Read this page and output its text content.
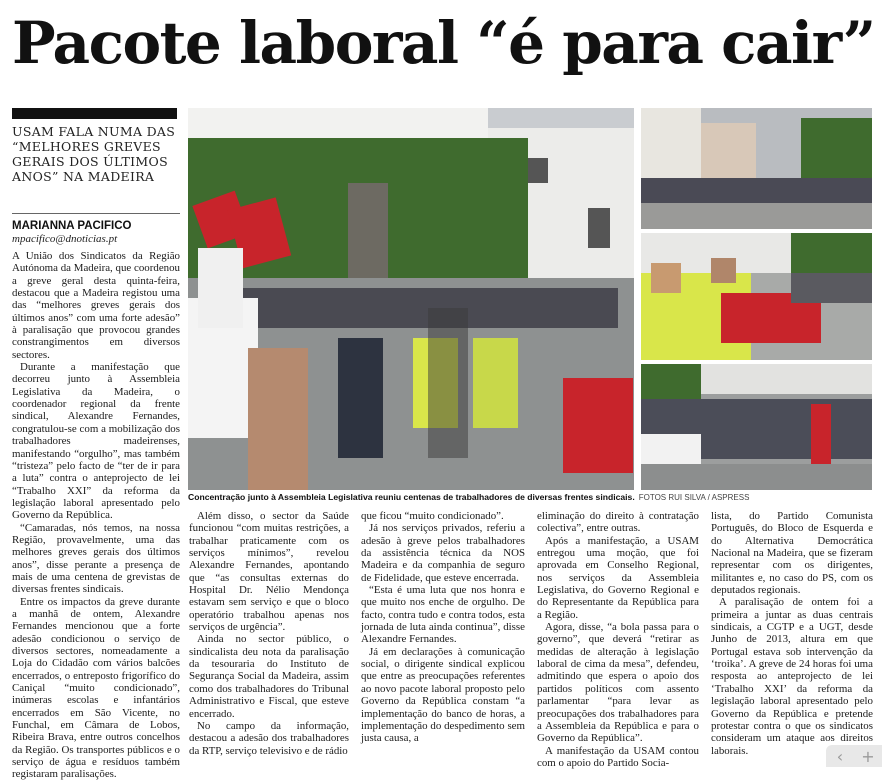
Pacote laboral “é para cair”
USAM FALA NUMA DAS “MELHORES GREVES GERAIS DOS ÚLTIMOS ANOS” NA MADEIRA
MARIANNA PACIFICO
mpacifico@dnoticias.pt
Concentração junto à Assembleia Legislativa reuniu centenas de trabalhadores de diversas frentes sindicais. FOTOS RUI SILVA / ASPRESS

A União dos Sindicatos da Região Autónoma da Madeira, que coordenou a greve geral desta quinta-feira, destacou que a Madeira registou uma das “melhores greves gerais dos últimos anos” com uma forte adesão” à paralisação que provocou grandes constrangimentos em diversos sectores.

Durante a manifestação que decorreu junto à Assembleia Legislativa da Madeira, o coordenador regional da frente sindical, Alexandre Fernandes, congratulou-se com a mobilização dos trabalhadores madeirenses, manifestando “orgulho”, mas também “tristeza” pelo facto de “ter de ir para a luta” contra o anteprojecto de lei “Trabalho XXI” da reforma da legislação laboral apresentado pelo Governo da República.

“Camaradas, nós temos, na nossa Região, provavelmente, uma das melhores greves gerais dos últimos anos”, disse perante a presença de mais de uma centena de grevistas de diversas frentes sindicais.

Entre os impactos da greve durante a manhã de ontem, Alexandre Fernandes mencionou que a forte adesão condicionou o serviço de diversos sectores, nomeadamente a Loja do Cidadão com vários balcões encerrados, o entreposto frigorífico do Caniçal “muito condicionado”, inúmeras escolas e infantários encerrados em São Vicente, no Funchal, em Câmara de Lobos, Ribeira Brava, entre outros concelhos da Região. Os transportes públicos e o serviço de água e resíduos também registaram paralisações.

Além disso, o sector da Saúde funcionou “com muitas restrições, a trabalhar praticamente com os serviços mínimos”, revelou Alexandre Fernandes, apontando que “as consultas externas do Hospital Dr. Nélio Mendonça estavam sem serviço e que o bloco operatório trabalhou apenas nos serviços de urgência”.

Ainda no sector público, o sindicalista deu nota da paralisação da tesouraria do Instituto de Segurança Social da Madeira, assim como dos trabalhadores do Tribunal Administrativo e Fiscal, que esteve encerrado.

No campo da informação, destacou a adesão dos trabalhadores da RTP, serviço televisivo e de rádio

que ficou “muito condicionado”.

Já nos serviços privados, referiu a adesão à greve pelos trabalhadores da assistência técnica da NOS Madeira e da companhia de seguro de Fidelidade, que esteve encerrada.

“Esta é uma luta que nos honra e que muito nos enche de orgulho. De facto, contra tudo e contra todos, esta jornada de luta ainda continua”, disse Alexandre Fernandes.

Já em declarações à comunicação social, o dirigente sindical explicou que entre as preocupações referentes ao novo pacote laboral proposto pelo Governo da República constam “a implementação do banco de horas, a implementação do despedimento sem justa causa, a

eliminação do direito à contratação colectiva”, entre outras.

Após a manifestação, a USAM entregou uma moção, que foi aprovada em Conselho Regional, nos serviços da Assembleia Legislativa, do Governo Regional e do Representante da República para a Região.

Agora, disse, “a bola passa para o governo”, que deverá “retirar as medidas de alteração à legislação laboral de cima da mesa”, defendeu, admitindo que espera o apoio dos partidos políticos com assento parlamentar “para levar as preocupações dos trabalhadores para a Assembleia da República e para o Governo da República”.

A manifestação da USAM contou com o apoio do Partido Socia-

lista, do Partido Comunista Português, do Bloco de Esquerda e do Alternativa Democrática Nacional na Madeira, que se fizeram representar com os dirigentes, militantes e, no caso do PS, com os deputados regionais.

A paralisação de ontem foi a primeira a juntar as duas centrais sindicais, a CGTP e a UGT, desde Junho de 2013, altura em que Portugal estava sob intervenção da ‘troika’. A greve de 24 horas foi uma resposta ao anteprojecto de lei ‘Trabalho XXI’ da reforma da legislação laboral apresentado pelo Governo da República e pretende protestar contra o que os sindicatos consideram um ataque aos direitos laborais.	‹	+
